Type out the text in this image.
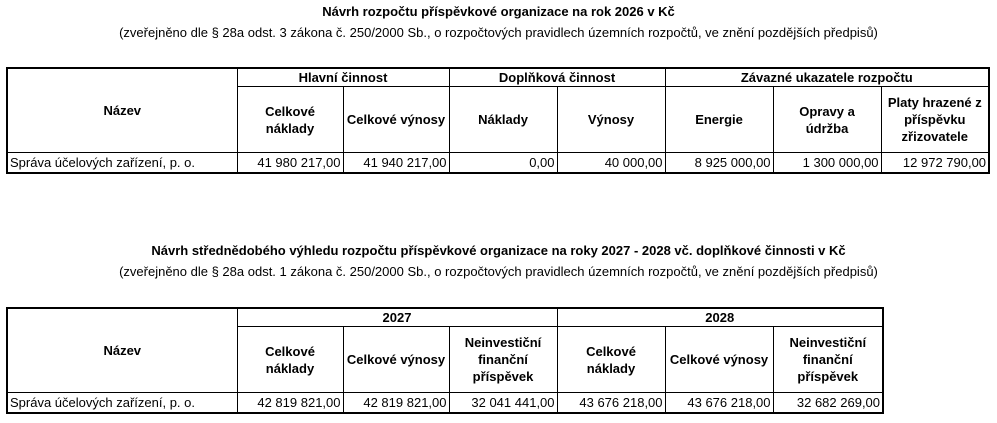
Návrh rozpočtu příspěvkové organizace na rok 2026 v Kč
(zveřejněno dle § 28a odst. 3 zákona č. 250/2000 Sb., o rozpočtových pravidlech územních rozpočtů, ve znění pozdějších předpisů)
Název	Hlavní činnost		Doplňková činnost		Závazné ukazatele rozpočtu		
	Celkové náklady	Celkové výnosy	Náklady	Výnosy	Energie	Opravy a údržba	Platy hrazené z příspěvku zřizovatele
Správa účelových zařízení, p. o.	41 980 217,00	41 940 217,00	0,00	40 000,00	8 925 000,00	1 300 000,00	12 972 790,00
Návrh střednědobého výhledu rozpočtu příspěvkové organizace na roky 2027 - 2028 vč. doplňkové činnosti v Kč
(zveřejněno dle § 28a odst. 1 zákona č. 250/2000 Sb., o rozpočtových pravidlech územních rozpočtů, ve znění pozdějších předpisů)
Název	2027			2028		
	Celkové náklady	Celkové výnosy	Neinvestiční finanční příspěvek	Celkové náklady	Celkové výnosy	Neinvestiční finanční příspěvek
Správa účelových zařízení, p. o.	42 819 821,00	42 819 821,00	32 041 441,00	43 676 218,00	43 676 218,00	32 682 269,00
